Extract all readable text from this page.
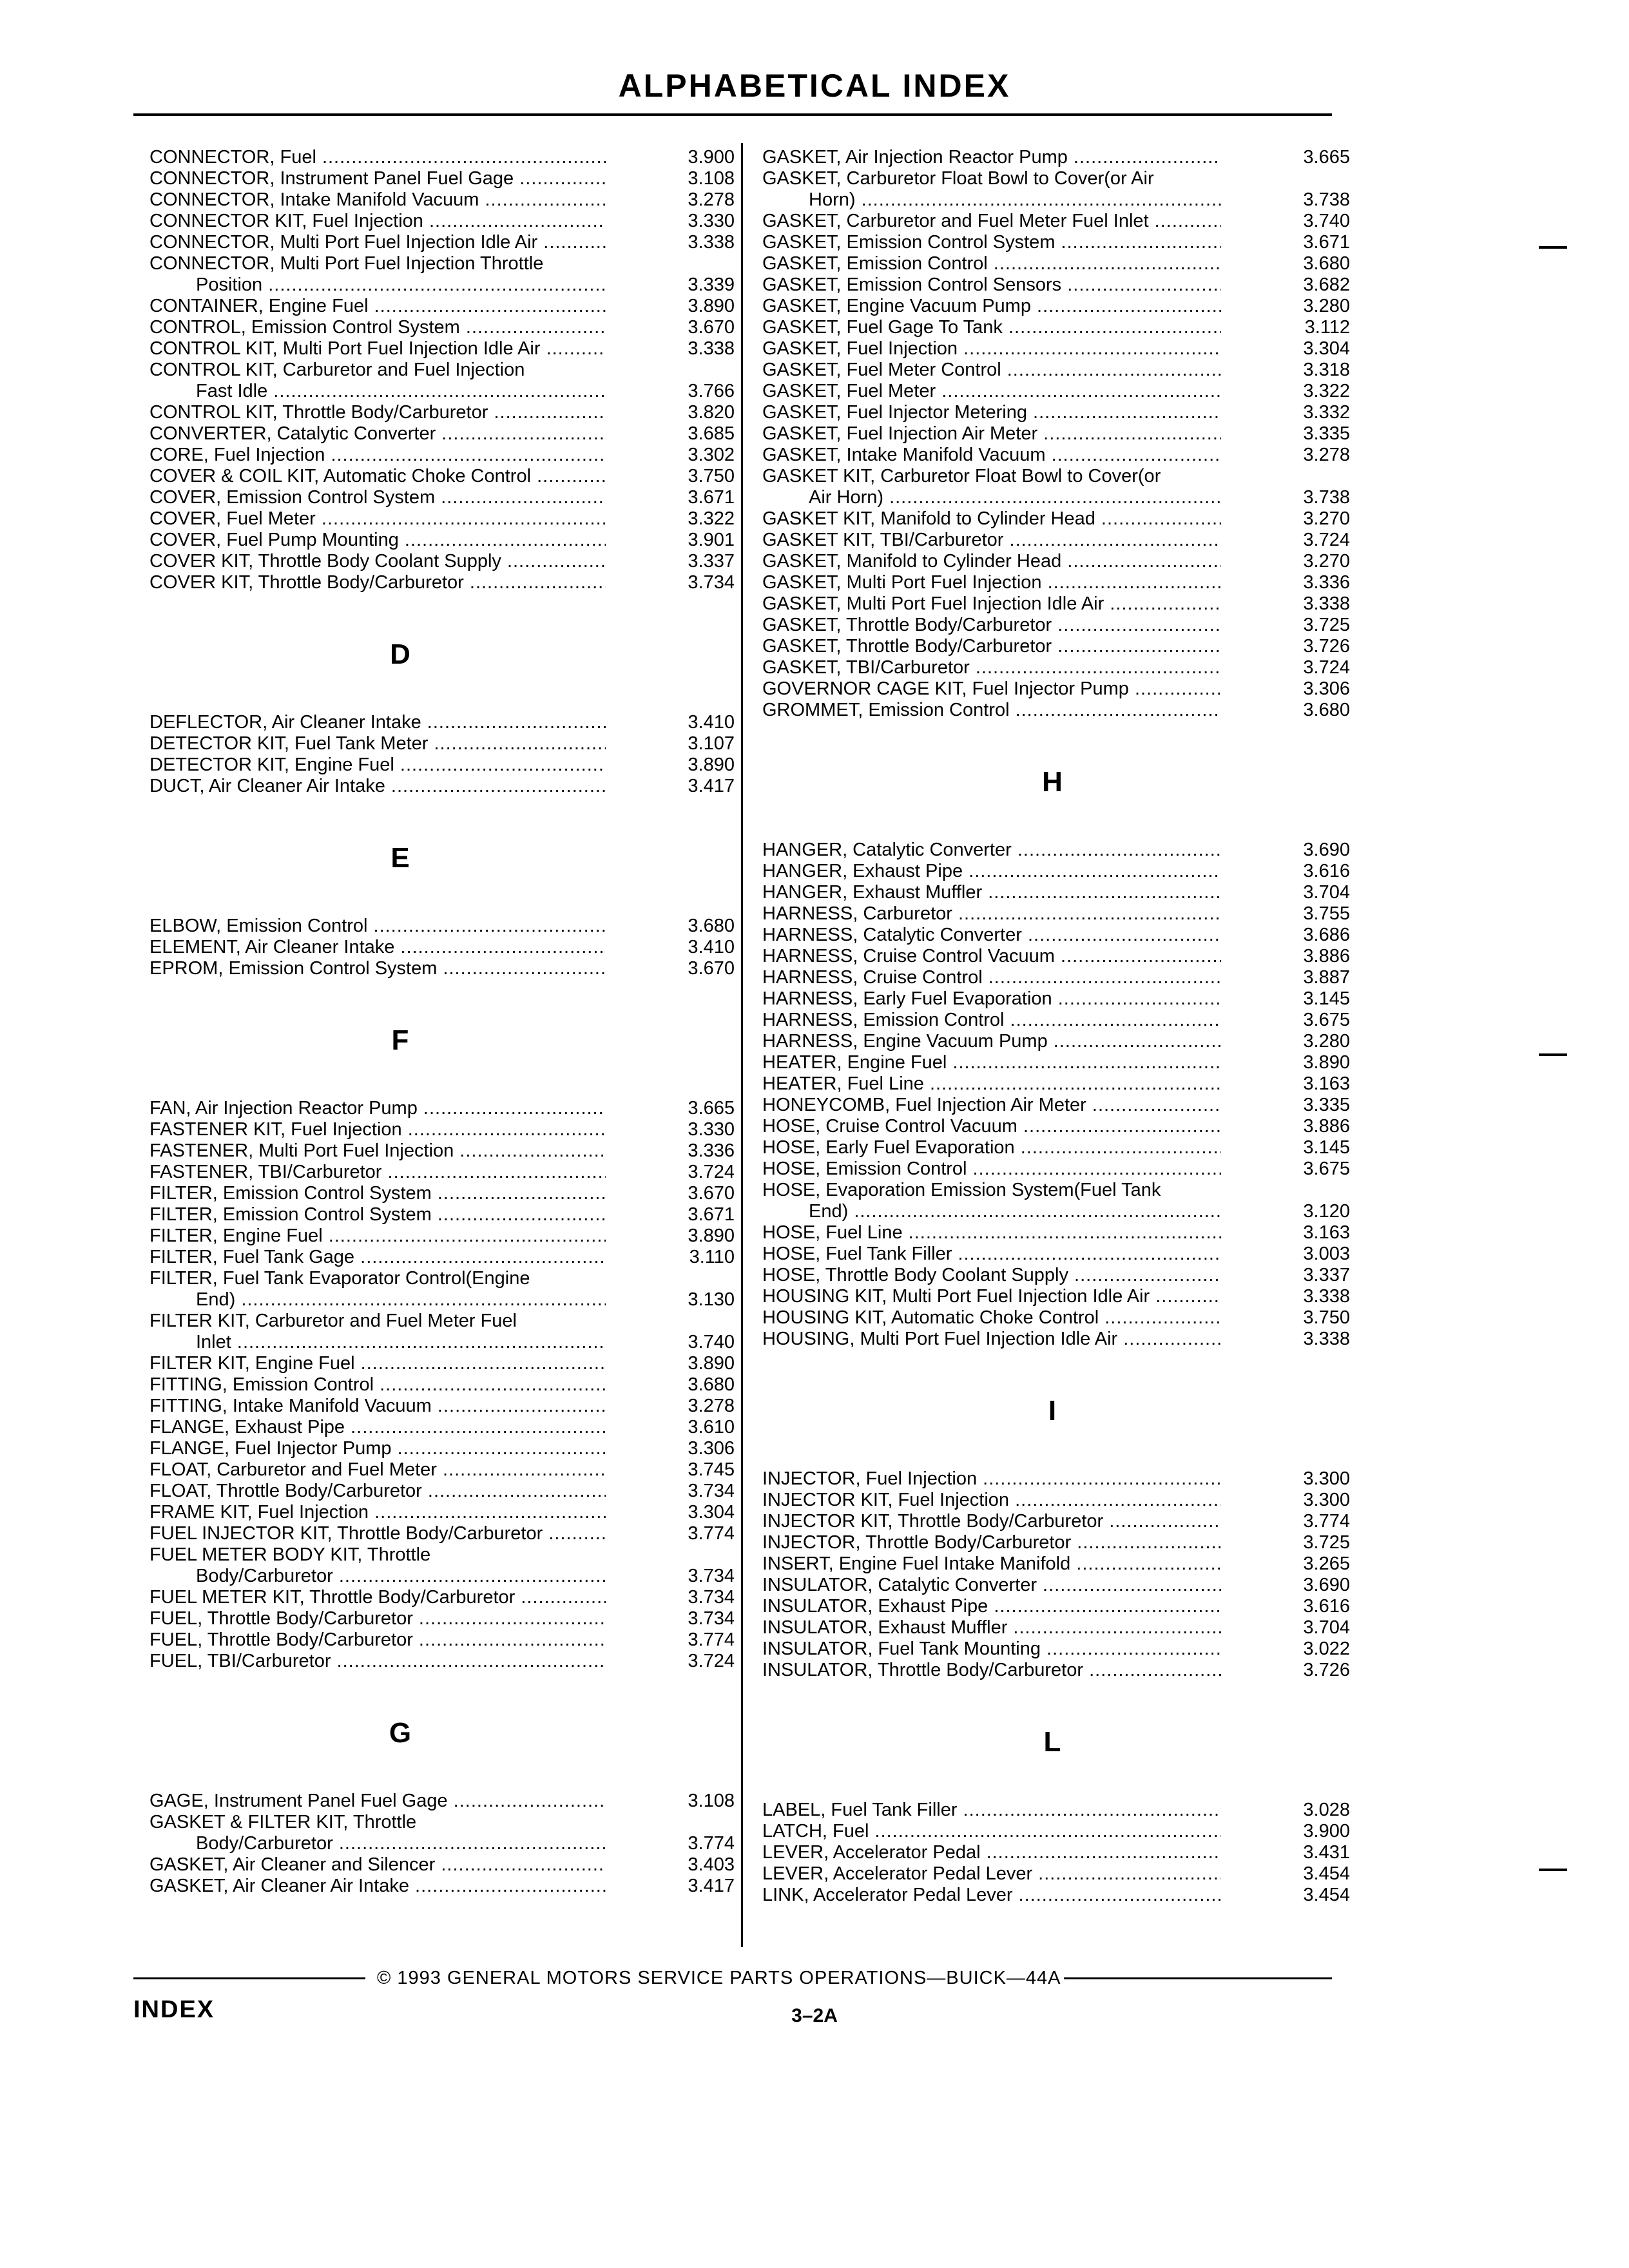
ALPHABETICAL INDEX
CONNECTOR, Fuel .....	3.900
CONNECTOR, Instrument Panel Fuel Gage .....	3.108
CONNECTOR, Intake Manifold Vacuum .....	3.278
CONNECTOR KIT, Fuel Injection .....	3.330
CONNECTOR, Multi Port Fuel Injection Idle Air .....	3.338
CONNECTOR, Multi Port Fuel Injection Throttle
Position .....	3.339
CONTAINER, Engine Fuel .....	3.890
CONTROL, Emission Control System .....	3.670
CONTROL KIT, Multi Port Fuel Injection Idle Air .....	3.338
CONTROL KIT, Carburetor and Fuel Injection
Fast Idle .....	3.766
CONTROL KIT, Throttle Body/Carburetor .....	3.820
CONVERTER, Catalytic Converter .....	3.685
CORE, Fuel Injection .....	3.302
COVER & COIL KIT, Automatic Choke Control .....	3.750
COVER, Emission Control System .....	3.671
COVER, Fuel Meter .....	3.322
COVER, Fuel Pump Mounting .....	3.901
COVER KIT, Throttle Body Coolant Supply .....	3.337
COVER KIT, Throttle Body/Carburetor .....	3.734
D
DEFLECTOR, Air Cleaner Intake .....	3.410
DETECTOR KIT, Fuel Tank Meter .....	3.107
DETECTOR KIT, Engine Fuel .....	3.890
DUCT, Air Cleaner Air Intake .....	3.417
E
ELBOW, Emission Control .....	3.680
ELEMENT, Air Cleaner Intake .....	3.410
EPROM, Emission Control System .....	3.670
F
FAN, Air Injection Reactor Pump .....	3.665
FASTENER KIT, Fuel Injection .....	3.330
FASTENER, Multi Port Fuel Injection .....	3.336
FASTENER, TBI/Carburetor .....	3.724
FILTER, Emission Control System .....	3.670
FILTER, Emission Control System .....	3.671
FILTER, Engine Fuel .....	3.890
FILTER, Fuel Tank Gage .....	3.110
FILTER, Fuel Tank Evaporator Control(Engine
End) .....	3.130
FILTER KIT, Carburetor and Fuel Meter Fuel
Inlet .....	3.740
FILTER KIT, Engine Fuel .....	3.890
FITTING, Emission Control .....	3.680
FITTING, Intake Manifold Vacuum .....	3.278
FLANGE, Exhaust Pipe .....	3.610
FLANGE, Fuel Injector Pump .....	3.306
FLOAT, Carburetor and Fuel Meter .....	3.745
FLOAT, Throttle Body/Carburetor .....	3.734
FRAME KIT, Fuel Injection .....	3.304
FUEL INJECTOR KIT, Throttle Body/Carburetor .....	3.774
FUEL METER BODY KIT, Throttle
Body/Carburetor .....	3.734
FUEL METER KIT, Throttle Body/Carburetor .....	3.734
FUEL, Throttle Body/Carburetor .....	3.734
FUEL, Throttle Body/Carburetor .....	3.774
FUEL, TBI/Carburetor .....	3.724
G
GAGE, Instrument Panel Fuel Gage .....	3.108
GASKET & FILTER KIT, Throttle
Body/Carburetor .....	3.774
GASKET, Air Cleaner and Silencer .....	3.403
GASKET, Air Cleaner Air Intake .....	3.417
GASKET, Air Injection Reactor Pump .....	3.665
GASKET, Carburetor Float Bowl to Cover(or Air
Horn) .....	3.738
GASKET, Carburetor and Fuel Meter Fuel Inlet .....	3.740
GASKET, Emission Control System .....	3.671
GASKET, Emission Control .....	3.680
GASKET, Emission Control Sensors .....	3.682
GASKET, Engine Vacuum Pump .....	3.280
GASKET, Fuel Gage To Tank .....	3.112
GASKET, Fuel Injection .....	3.304
GASKET, Fuel Meter Control .....	3.318
GASKET, Fuel Meter .....	3.322
GASKET, Fuel Injector Metering .....	3.332
GASKET, Fuel Injection Air Meter .....	3.335
GASKET, Intake Manifold Vacuum .....	3.278
GASKET KIT, Carburetor Float Bowl to Cover(or
Air Horn) .....	3.738
GASKET KIT, Manifold to Cylinder Head .....	3.270
GASKET KIT, TBI/Carburetor .....	3.724
GASKET, Manifold to Cylinder Head .....	3.270
GASKET, Multi Port Fuel Injection .....	3.336
GASKET, Multi Port Fuel Injection Idle Air .....	3.338
GASKET, Throttle Body/Carburetor .....	3.725
GASKET, Throttle Body/Carburetor .....	3.726
GASKET, TBI/Carburetor .....	3.724
GOVERNOR CAGE KIT, Fuel Injector Pump .....	3.306
GROMMET, Emission Control .....	3.680
H
HANGER, Catalytic Converter .....	3.690
HANGER, Exhaust Pipe .....	3.616
HANGER, Exhaust Muffler .....	3.704
HARNESS, Carburetor .....	3.755
HARNESS, Catalytic Converter .....	3.686
HARNESS, Cruise Control Vacuum .....	3.886
HARNESS, Cruise Control .....	3.887
HARNESS, Early Fuel Evaporation .....	3.145
HARNESS, Emission Control .....	3.675
HARNESS, Engine Vacuum Pump .....	3.280
HEATER, Engine Fuel .....	3.890
HEATER, Fuel Line .....	3.163
HONEYCOMB, Fuel Injection Air Meter .....	3.335
HOSE, Cruise Control Vacuum .....	3.886
HOSE, Early Fuel Evaporation .....	3.145
HOSE, Emission Control .....	3.675
HOSE, Evaporation Emission System(Fuel Tank
End) .....	3.120
HOSE, Fuel Line .....	3.163
HOSE, Fuel Tank Filler .....	3.003
HOSE, Throttle Body Coolant Supply .....	3.337
HOUSING KIT, Multi Port Fuel Injection Idle Air .....	3.338
HOUSING KIT, Automatic Choke Control .....	3.750
HOUSING, Multi Port Fuel Injection Idle Air .....	3.338
I
INJECTOR, Fuel Injection .....	3.300
INJECTOR KIT, Fuel Injection .....	3.300
INJECTOR KIT, Throttle Body/Carburetor .....	3.774
INJECTOR, Throttle Body/Carburetor .....	3.725
INSERT, Engine Fuel Intake Manifold .....	3.265
INSULATOR, Catalytic Converter .....	3.690
INSULATOR, Exhaust Pipe .....	3.616
INSULATOR, Exhaust Muffler .....	3.704
INSULATOR, Fuel Tank Mounting .....	3.022
INSULATOR, Throttle Body/Carburetor .....	3.726
L
LABEL, Fuel Tank Filler .....	3.028
LATCH, Fuel .....	3.900
LEVER, Accelerator Pedal .....	3.431
LEVER, Accelerator Pedal Lever .....	3.454
LINK, Accelerator Pedal Lever .....	3.454
© 1993 GENERAL MOTORS SERVICE PARTS OPERATIONS—BUICK—44A
INDEX	3–2A
